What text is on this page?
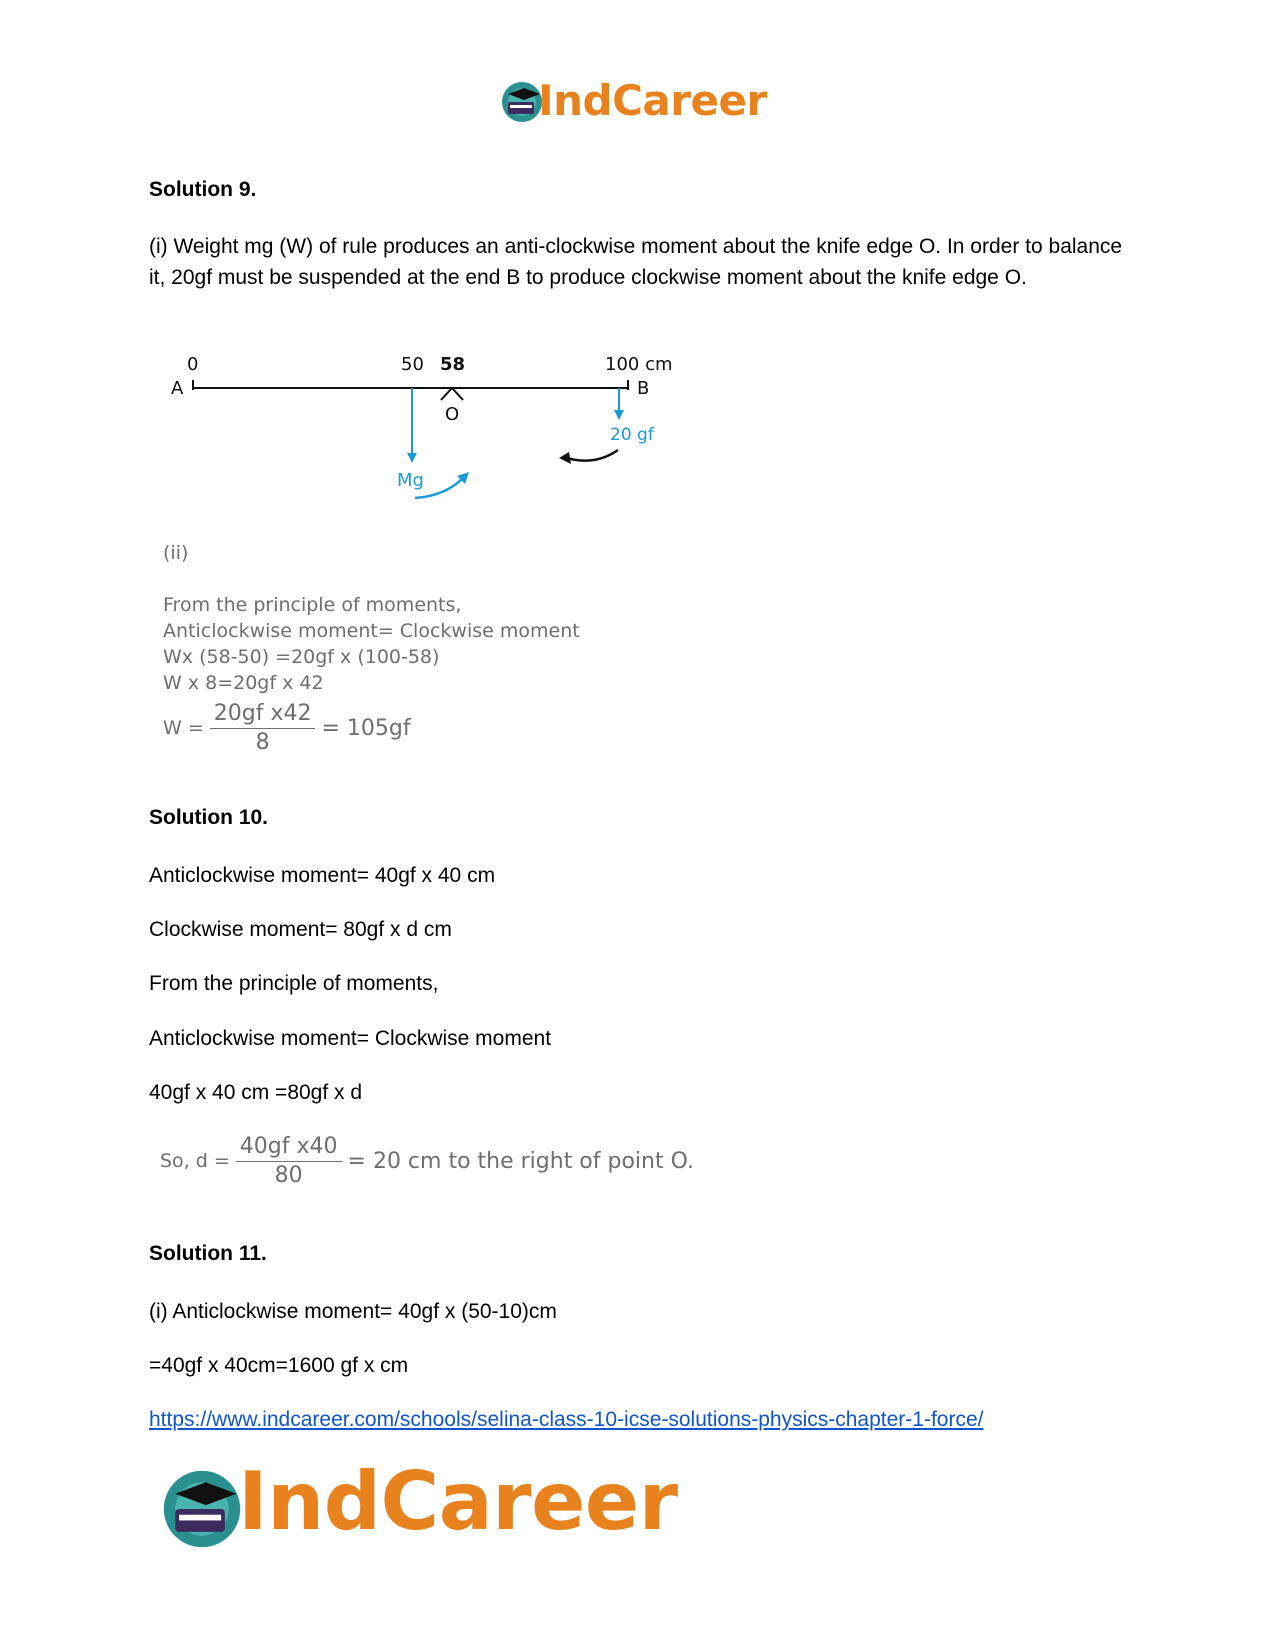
IndCareer
Solution 9.
(i) Weight mg (W) of rule produces an anti-clockwise moment about the knife edge O. In order to balance it, 20gf must be suspended at the end B to produce clockwise moment about the knife edge O.
0
A
50 58	100 cm
B
O
Mg
20 gf
(ii)
From the principle of moments,
Anticlockwise moment= Clockwise moment
Wx (58-50) =20gf x (100-58)
W x 8=20gf x 42
$W = \frac{\text{20gf x42}}{8} = 105gf$
Solution 10.
Anticlockwise moment= 40gf x 40 cm
Clockwise moment= 80gf x d cm
From the principle of moments,
Anticlockwise moment= Clockwise moment
40gf x 40 cm =80gf x d
So, $d = \frac{\text{40gf x40}}{80} = 20$ cm to the right of point O.
Solution 11.
(i) Anticlockwise moment= 40gf x (50-10)cm
=40gf x 40cm=1600 gf x cm
https://www.indcareer.com/schools/selina-class-10-icse-solutions-physics-chapter-1-force/
IndCareer
